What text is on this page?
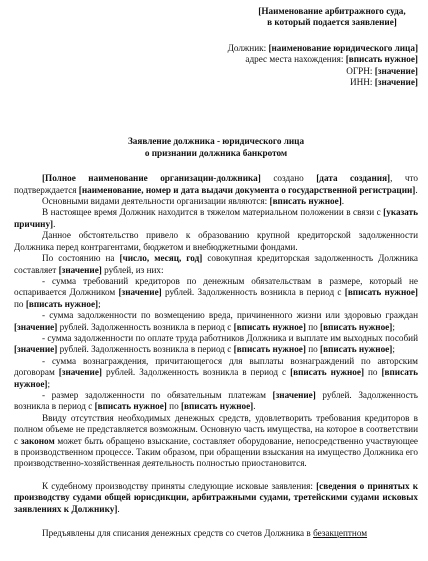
[Наименование арбитражного суда,
в который подается заявление]
Должник: [наименование юридического лица]
адрес места нахождения: [вписать нужное]
ОГРН: [значение]
ИНН: [значение]
Заявление должника - юридического лица
о признании должника банкротом

[Полное наименование организации-должника] создано [дата создания], что подтверждается [наименование, номер и дата выдачи документа о государственной регистрации].

Основными видами деятельности организации являются: [вписать нужное].

В настоящее время Должник находится в тяжелом материальном положении в связи с [указать причину].

Данное обстоятельство привело к образованию крупной кредиторской задолженности Должника перед контрагентами, бюджетом и внебюджетными фондами.

По состоянию на [число, месяц, год] совокупная кредиторская задолженность Должника составляет [значение] рублей, из них:

- сумма требований кредиторов по денежным обязательствам в размере, который не оспаривается Должником [значение] рублей. Задолженность возникла в период с [вписать нужное] по [вписать нужное];

- сумма задолженности по возмещению вреда, причиненного жизни или здоровью граждан [значение] рублей. Задолженность возникла в период с [вписать нужное] по [вписать нужное];

- сумма задолженности по оплате труда работников Должника и выплате им выходных пособий [значение] рублей. Задолженность возникла в период с [вписать нужное] по [вписать нужное];

- сумма вознаграждения, причитающегося для выплаты вознаграждений по авторским договорам [значение] рублей. Задолженность возникла в период с [вписать нужное] по [вписать нужное];

- размер задолженности по обязательным платежам [значение] рублей. Задолженность возникла в период с [вписать нужное] по [вписать нужное].

Ввиду отсутствия необходимых денежных средств, удовлетворить требования кредиторов в полном объеме не представляется возможным. Основную часть имущества, на которое в соответствии с законом может быть обращено взыскание, составляет оборудование, непосредственно участвующее в производственном процессе. Таким образом, при обращении взыскания на имущество Должника его производственно-хозяйственная деятельность полностью приостановится.

К судебному производству приняты следующие исковые заявления: [сведения о принятых к производству судами общей юрисдикции, арбитражными судами, третейскими судами исковых заявлениях к Должнику].

Предъявлены для списания денежных средств со счетов Должника в безакцептном
